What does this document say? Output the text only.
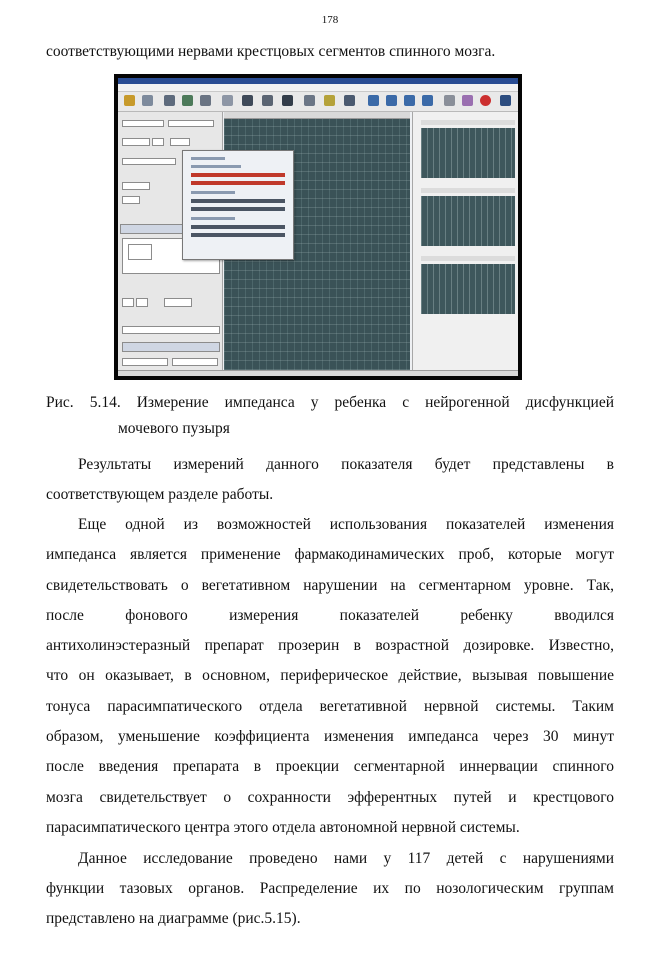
178
соответствующими нервами крестцовых сегментов спинного мозга.
Рис. 5.14. Измерение импеданса у ребенка с нейрогенной дисфункцией
мочевого пузыря
Результаты измерений данного показателя будет представлены в
соответствующем разделе работы.
Еще одной из возможностей использования показателей изменения
импеданса является применение фармакодинамических проб, которые могут
свидетельствовать о вегетативном нарушении на сегментарном уровне. Так,
после фонового измерения показателей ребенку вводился
антихолинэстеразный препарат прозерин в возрастной дозировке. Известно,
что он оказывает, в основном, периферическое действие, вызывая повышение
тонуса парасимпатического отдела вегетативной нервной системы. Таким
образом, уменьшение коэффициента изменения импеданса через 30 минут
после введения препарата в проекции сегментарной иннервации спинного
мозга свидетельствует о сохранности эфферентных путей и крестцового
парасимпатического центра этого отдела автономной нервной системы.
Данное исследование проведено нами у 117 детей с нарушениями
функции тазовых органов. Распределение их по нозологическим группам
представлено на диаграмме (рис.5.15).
